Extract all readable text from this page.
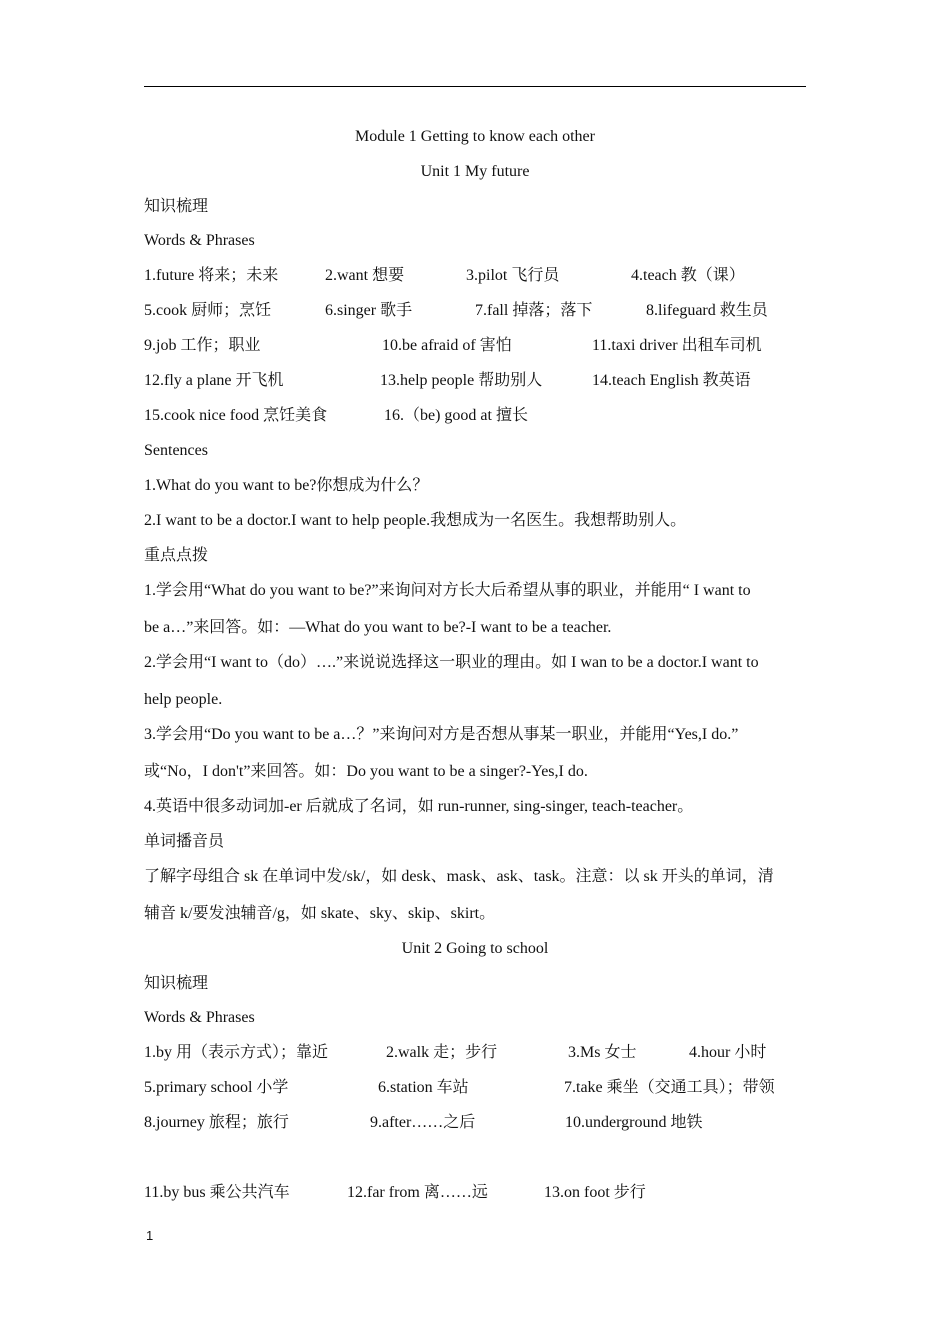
Module 1 Getting to know each other
Unit 1 My future
知识梳理
Words & Phrases
1.future 将来；未来	2.want 想要	3.pilot 飞行员	4.teach 教（课）
5.cook 厨师；烹饪	6.singer 歌手	7.fall 掉落；落下	8.lifeguard 救生员
9.job 工作；职业	10.be afraid of 害怕	11.taxi driver 出租车司机
12.fly a plane 开飞机	13.help people 帮助别人	14.teach English 教英语
15.cook nice food 烹饪美食	16.（be) good at 擅长
Sentences
1.What do you want to be?你想成为什么？
2.I want to be a doctor.I want to help people.我想成为一名医生。我想帮助别人。
重点点拨
1.学会用“What do you want to be?”来询问对方长大后希望从事的职业，并能用“ I want to
be a…”来回答。如：—What do you want to be?-I want to be a teacher.
2.学会用“I want to（do）….”来说说选择这一职业的理由。如 I wan to be a doctor.I want to
help people.
3.学会用“Do you want to be a…？”来询问对方是否想从事某一职业，并能用“Yes,I do.”
或“No，I don't”来回答。如：Do you want to be a singer?-Yes,I do.
4.英语中很多动词加-er 后就成了名词，如 run-runner, sing-singer, teach-teacher。
单词播音员
了解字母组合 sk 在单词中发/sk/，如 desk、mask、ask、task。注意：以 sk 开头的单词，清
辅音 k/要发浊辅音/g，如 skate、sky、skip、skirt。
Unit 2 Going to school
知识梳理
Words & Phrases
1.by 用（表示方式）；靠近	2.walk 走；步行	3.Ms 女士	4.hour 小时
5.primary school 小学	6.station 车站	7.take 乘坐（交通工具）；带领
8.journey 旅程；旅行	9.after……之后	10.underground 地铁
11.by bus 乘公共汽车	12.far from 离……远	13.on foot 步行
1
